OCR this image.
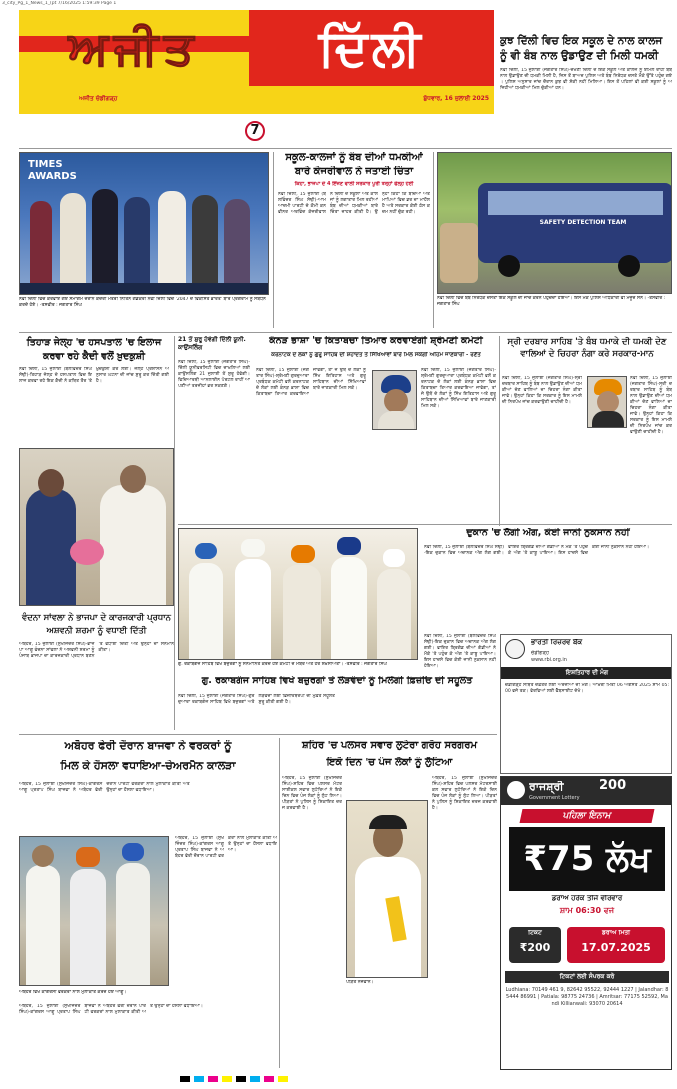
3_city_Pg_1_News_1_(pt 7/16/2025 1:59:39 Page 1
ਅਜੀਤ	ਦਿੱਲੀ
ਅਜੀਤ ਚੰਡੀਗੜ੍ਹ	ਬੁੱਧਵਾਰ, 16 ਜੁਲਾਈ 2025
7
ਕੁਝ ਦਿੱਲੀ ਵਿਚ ਇਕ ਸਕੂਲ ਦੇ ਨਾਲ ਕਾਲਜ ਨੂੰ ਵੀ ਬੰਬ ਨਾਲ ਉਡਾਉਣ ਦੀ ਮਿਲੀ ਧਮਕੀ
ਨਵੀਂ ਦਿੱਲੀ, 15 ਜੁਲਾਈ (ਜਗਤਾਰ ਸਿੰਘ)-ਦੱਖਣੀ ਦਿੱਲੀ ਦੇ ਇਕ ਸਕੂਲ ਅਤੇ ਕਾਲਜ ਨੂੰ ਈਮੇਲ ਰਾਹੀਂ ਬੰਬ ਨਾਲ ਉਡਾਉਣ ਦੀ ਧਮਕੀ ਮਿਲੀ ਹੈ, ਜਿਸ ਤੋਂ ਬਾਅਦ ਪੁਲਿਸ ਅਤੇ ਬੰਬ ਨਿਰੋਧਕ ਦਸਤੇ ਮੌਕੇ ਉੱਤੇ ਪਹੁੰਚ ਗਏ। ਪੁਲਿਸ ਅਨੁਸਾਰ ਜਾਂਚ ਦੌਰਾਨ ਕੁਝ ਵੀ ਸ਼ੱਕੀ ਨਹੀਂ ਮਿਲਿਆ। ਇਸ ਤੋਂ ਪਹਿਲਾਂ ਵੀ ਕਈ ਸਕੂਲਾਂ ਨੂੰ ਅਜਿਹੀਆਂ ਧਮਕੀਆਂ ਮਿਲ ਚੁੱਕੀਆਂ ਹਨ।
TIMES AWARDS
ਨਵੀਂ ਦਿੱਲੀ ਵਿਚ ਕਰਵਾਏ ਗਏ ਸਮਾਗਮ ਦੌਰਾਨ ਕੇਂਦਰੀ ਮੰਤਰੀ ਨਿਤਿਨ ਗਡਕਰੀ ਨਵੀਂ ਦਿੱਲੀ ਵਿਚ '2047 ਦੇ ਵਿਕਸਿਤ ਭਾਰਤ' ਬਾਰੇ ਪ੍ਰੋਗਰਾਮ ਨੂੰ ਸੰਬੋਧਨ ਕਰਦੇ ਹੋਏ। -ਤਸਵੀਰ : ਜਗਤਾਰ ਸਿੰਘ
ਸਕੂਲ-ਕਾਲਜਾਂ ਨੂੰ ਬੰਬ ਦੀਆਂ ਧਮਕੀਆਂ
ਬਾਰੇ ਕੇਜਰੀਵਾਲ ਨੇ ਜਤਾਈ ਚਿੰਤਾ
ਕਿਹਾ, ਭਾਜਪਾ ਦੇ 4 ਇੰਜਣ ਵਾਲੀ ਸਰਕਾਰ ਪੂਰੀ ਤਰ੍ਹਾਂ ਫੇਲ੍ਹ ਹੋਈ
ਨਵੀਂ ਦਿੱਲੀ, 15 ਜੁਲਾਈ (ਬਲਵਿੰਦਰ ਸਿੰਘ ਸੋਢੀ)-ਆਮ ਆਦਮੀ ਪਾਰਟੀ ਦੇ ਕੌਮੀ ਕਨਵੀਨਰ ਅਰਵਿੰਦ ਕੇਜਰੀਵਾਲ ਨੇ ਦਿੱਲੀ ਦੇ ਸਕੂਲਾਂ ਅਤੇ ਕਾਲਜਾਂ ਨੂੰ ਲਗਾਤਾਰ ਮਿਲ ਰਹੀਆਂ ਬੰਬ ਦੀਆਂ ਧਮਕੀਆਂ ਬਾਰੇ ਚਿੰਤਾ ਜ਼ਾਹਰ ਕੀਤੀ ਹੈ। ਉਨ੍ਹਾਂ ਕਿਹਾ ਕਿ ਬੱਚਿਆਂ ਅਤੇ ਮਾਪਿਆਂ ਵਿਚ ਡਰ ਦਾ ਮਾਹੌਲ ਹੈ ਅਤੇ ਸਰਕਾਰ ਕੋਈ ਠੋਸ ਕਦਮ ਨਹੀਂ ਚੁੱਕ ਰਹੀ।
SAFETY DETECTION TEAM
ਨਵੀਂ ਦਿੱਲੀ ਵਿਚ ਬੰਬ ਨਿਰੋਧਕ ਦਸਤਾ ਇਕ ਸਕੂਲ ਦੀ ਜਾਂਚ ਕਰਨ ਪਹੁੰਚਦਾ ਹੋਇਆ। ਇਸ ਮੌਕੇ ਪੁਲਿਸ ਅਧਿਕਾਰੀ ਵੀ ਮੌਜੂਦ ਸਨ। -ਤਸਵੀਰ : ਜਗਤਾਰ ਸਿੰਘ
ਤਿਹਾੜ ਜੇਲ੍ਹ 'ਚ ਹਸਪਤਾਲ 'ਚ ਇਲਾਜ ਕਰਵਾ ਰਹੇ ਕੈਦੀ ਵਲੋਂ ਖ਼ੁਦਕੁਸ਼ੀ
ਨਵੀਂ ਦਿੱਲੀ, 15 ਜੁਲਾਈ (ਬਲਵਿੰਦਰ ਸਿੰਘ ਸੋਢੀ)-ਤਿਹਾੜ ਜੇਲ੍ਹ ਦੇ ਹਸਪਤਾਲ ਵਿਚ ਇਲਾਜ ਕਰਵਾ ਰਹੇ ਇਕ ਕੈਦੀ ਨੇ ਕਥਿਤ ਤੌਰ 'ਤੇ ਖ਼ੁਦਕੁਸ਼ੀ ਕਰ ਲਈ। ਜੇਲ੍ਹ ਪ੍ਰਸ਼ਾਸਨ ਅਨੁਸਾਰ ਘਟਨਾ ਦੀ ਜਾਂਚ ਸ਼ੁਰੂ ਕਰ ਦਿੱਤੀ ਗਈ ਹੈ।
ਵੰਦਨਾ ਸਾਂਵਲਾ ਨੇ ਭਾਜਪਾ ਦੇ ਕਾਰਜਕਾਰੀ ਪ੍ਰਧਾਨ ਅਸ਼ਵਨੀ ਸ਼ਰਮਾ ਨੂੰ ਵਧਾਈ ਦਿੱਤੀ
ਅਬੋਹਰ, 15 ਜੁਲਾਈ (ਸੁਖਜਿੰਦਰ ਸਿੰਘ)-ਭਾਜਪਾ ਆਗੂ ਵੰਦਨਾ ਸਾਂਵਲਾ ਨੇ ਅਸ਼ਵਨੀ ਸ਼ਰਮਾ ਨੂੰ ਪੰਜਾਬ ਭਾਜਪਾ ਦਾ ਕਾਰਜਕਾਰੀ ਪ੍ਰਧਾਨ ਬਣਨ 'ਤੇ ਵਧਾਈ ਦਿੱਤੀ ਅਤੇ ਉਨ੍ਹਾਂ ਦਾ ਸਨਮਾਨ ਕੀਤਾ।
21 ਤੋਂ ਸ਼ੁਰੂ ਹੋਵੇਗੀ ਦਿੱਲੀ ਯੂਨੀ. ਕਾਉਂਸਲਿੰਗ
ਨਵੀਂ ਦਿੱਲੀ, 15 ਜੁਲਾਈ (ਜਗਤਾਰ ਸਿੰਘ)-ਦਿੱਲੀ ਯੂਨੀਵਰਸਿਟੀ ਵਿਚ ਦਾਖ਼ਲਿਆਂ ਲਈ ਕਾਉਂਸਲਿੰਗ 21 ਜੁਲਾਈ ਤੋਂ ਸ਼ੁਰੂ ਹੋਵੇਗੀ। ਵਿਦਿਆਰਥੀ ਆਨਲਾਈਨ ਪੋਰਟਲ ਰਾਹੀਂ ਆਪਣੀਆਂ ਤਰਜੀਹਾਂ ਭਰ ਸਕਣਗੇ।
ਕੰਨੜ ਭਾਸ਼ਾ 'ਚ ਕਿਤਾਬਚਾ ਤਿਆਰ ਕਰਵਾਏਗੀ ਸ਼੍ਰੋਮਣੀ ਕਮੇਟੀ
ਕਰਨਾਟਕ ਦੇ ਲੋਕਾਂ ਨੂੰ ਗੁਰੂ ਸਾਹਿਬ ਦੀ ਸ਼ਹਾਦਤ ਤੇ ਸਿੱਖਿਆਵਾਂ ਬਾਰੇ ਮਿਲ ਸਕੇਗੀ ਅਹਿਮ ਜਾਣਕਾਰੀ - ਰਣੌਤ
ਨਵੀਂ ਦਿੱਲੀ, 15 ਜੁਲਾਈ (ਜਗਤਾਰ ਸਿੰਘ)-ਸ਼੍ਰੋਮਣੀ ਗੁਰਦੁਆਰਾ ਪ੍ਰਬੰਧਕ ਕਮੇਟੀ ਵਲੋਂ ਕਰਨਾਟਕ ਦੇ ਲੋਕਾਂ ਲਈ ਕੰਨੜ ਭਾਸ਼ਾ ਵਿਚ ਕਿਤਾਬਚਾ ਤਿਆਰ ਕਰਵਾਇਆ ਜਾਵੇਗਾ, ਤਾਂ ਜੋ ਉਥੋਂ ਦੇ ਲੋਕਾਂ ਨੂੰ ਸਿੱਖ ਇਤਿਹਾਸ ਅਤੇ ਗੁਰੂ ਸਾਹਿਬਾਨ ਦੀਆਂ ਸਿੱਖਿਆਵਾਂ ਬਾਰੇ ਜਾਣਕਾਰੀ ਮਿਲ ਸਕੇ।
ਨਵੀਂ ਦਿੱਲੀ, 15 ਜੁਲਾਈ (ਜਗਤਾਰ ਸਿੰਘ)-ਸ਼੍ਰੋਮਣੀ ਗੁਰਦੁਆਰਾ ਪ੍ਰਬੰਧਕ ਕਮੇਟੀ ਵਲੋਂ ਕਰਨਾਟਕ ਦੇ ਲੋਕਾਂ ਲਈ ਕੰਨੜ ਭਾਸ਼ਾ ਵਿਚ ਕਿਤਾਬਚਾ ਤਿਆਰ ਕਰਵਾਇਆ ਜਾਵੇਗਾ, ਤਾਂ ਜੋ ਉਥੋਂ ਦੇ ਲੋਕਾਂ ਨੂੰ ਸਿੱਖ ਇਤਿਹਾਸ ਅਤੇ ਗੁਰੂ ਸਾਹਿਬਾਨ ਦੀਆਂ ਸਿੱਖਿਆਵਾਂ ਬਾਰੇ ਜਾਣਕਾਰੀ ਮਿਲ ਸਕੇ।
ਸ੍ਰੀ ਦਰਬਾਰ ਸਾਹਿਬ 'ਤੇ ਬੰਬ ਧਮਾਕੇ ਦੀ ਧਮਕੀ ਦੇਣ ਵਾਲਿਆਂ ਦੇ ਚਿਹਰਾ ਨੰਗਾ ਕਰੇ ਸਰਕਾਰ-ਮਾਨ
ਨਵੀਂ ਦਿੱਲੀ, 15 ਜੁਲਾਈ (ਜਗਤਾਰ ਸਿੰਘ)-ਸ੍ਰੀ ਦਰਬਾਰ ਸਾਹਿਬ ਨੂੰ ਬੰਬ ਨਾਲ ਉਡਾਉਣ ਦੀਆਂ ਧਮਕੀਆਂ ਦੇਣ ਵਾਲਿਆਂ ਦਾ ਚਿਹਰਾ ਨੰਗਾ ਕੀਤਾ ਜਾਵੇ। ਉਨ੍ਹਾਂ ਕਿਹਾ ਕਿ ਸਰਕਾਰ ਨੂੰ ਇਸ ਮਾਮਲੇ ਦੀ ਨਿਰਪੱਖ ਜਾਂਚ ਕਰਵਾਉਣੀ ਚਾਹੀਦੀ ਹੈ।
ਨਵੀਂ ਦਿੱਲੀ, 15 ਜੁਲਾਈ (ਜਗਤਾਰ ਸਿੰਘ)-ਸ੍ਰੀ ਦਰਬਾਰ ਸਾਹਿਬ ਨੂੰ ਬੰਬ ਨਾਲ ਉਡਾਉਣ ਦੀਆਂ ਧਮਕੀਆਂ ਦੇਣ ਵਾਲਿਆਂ ਦਾ ਚਿਹਰਾ ਨੰਗਾ ਕੀਤਾ ਜਾਵੇ। ਉਨ੍ਹਾਂ ਕਿਹਾ ਕਿ ਸਰਕਾਰ ਨੂੰ ਇਸ ਮਾਮਲੇ ਦੀ ਨਿਰਪੱਖ ਜਾਂਚ ਕਰਵਾਉਣੀ ਚਾਹੀਦੀ ਹੈ।
ਗੁ. ਰਕਾਬਗੰਜ ਸਾਹਿਬ ਵਿਖੇ ਬਜ਼ੁਰਗਾਂ ਨੂੰ ਸਨਮਾਨਿਤ ਕਰਦੇ ਹੋਏ ਕਮੇਟੀ ਦੇ ਮੈਂਬਰ ਅਤੇ ਹੋਰ ਸ਼ਖ਼ਸੀਅਤਾਂ। -ਤਸਵੀਰ : ਜਗਤਾਰ ਸਿੰਘ
ਗੁ. ਰਕਾਬਗੰਜ ਸਾਹਿਬ ਵਿਖੇ ਬਜ਼ੁਰਗਾਂ ਤੇ ਲੋੜਵੰਦਾਂ ਨੂੰ ਮਿਲੇਗੀ ਫ਼ਿਜ਼ੀਓ ਦੀ ਸਹੂਲਤ
ਨਵੀਂ ਦਿੱਲੀ, 15 ਜੁਲਾਈ (ਜਗਤਾਰ ਸਿੰਘ)-ਗੁਰਦੁਆਰਾ ਰਕਾਬਗੰਜ ਸਾਹਿਬ ਵਿਖੇ ਬਜ਼ੁਰਗਾਂ ਅਤੇ ਲੋੜਵੰਦਾਂ ਲਈ ਫ਼ਿਜ਼ੀਓਥੈਰੇਪੀ ਦੀ ਮੁਫ਼ਤ ਸਹੂਲਤ ਸ਼ੁਰੂ ਕੀਤੀ ਗਈ ਹੈ।
ਦੁਕਾਨ 'ਚ ਲੱਗੀ ਅੱਗ, ਕੋਈ ਜਾਨੀ ਨੁਕਸਾਨ ਨਹੀਂ
ਨਵੀਂ ਦਿੱਲੀ, 15 ਜੁਲਾਈ (ਬਲਵਿੰਦਰ ਸਿੰਘ ਸੋਢੀ)-ਇਕ ਦੁਕਾਨ ਵਿਚ ਅਚਾਨਕ ਅੱਗ ਲੱਗ ਗਈ। ਫਾਇਰ ਬ੍ਰਿਗੇਡ ਦੀਆਂ ਗੱਡੀਆਂ ਨੇ ਮੌਕੇ 'ਤੇ ਪਹੁੰਚ ਕੇ ਅੱਗ 'ਤੇ ਕਾਬੂ ਪਾਇਆ। ਇਸ ਹਾਦਸੇ ਵਿਚ ਕੋਈ ਜਾਨੀ ਨੁਕਸਾਨ ਨਹੀਂ ਹੋਇਆ।
ਭਾਰਤੀ ਰਿਜ਼ਰਵ ਬੈਂਕ
ਚੰਡੀਗੜ੍ਹ
www.rbi.org.in
ਇਸ਼ਤਿਹਾਰ ਦੀ ਮੰਗ
ਚੰਡੀਗੜ੍ਹ ਸਥਿਤ ਦਫ਼ਤਰ ਲਈ ਅਰਜ਼ੀਆਂ ਦੀ ਮੰਗ। ਆਖ਼ਰੀ ਮਿਤੀ 06 ਅਗਸਤ 2025 ਸ਼ਾਮ 05:00 ਵਜੇ ਤਕ। ਵੇਰਵਿਆਂ ਲਈ ਵੈੱਬਸਾਈਟ ਦੇਖੋ।
ਨਵੀਂ ਦਿੱਲੀ, 15 ਜੁਲਾਈ (ਬਲਵਿੰਦਰ ਸਿੰਘ ਸੋਢੀ)-ਇਕ ਦੁਕਾਨ ਵਿਚ ਅਚਾਨਕ ਅੱਗ ਲੱਗ ਗਈ। ਫਾਇਰ ਬ੍ਰਿਗੇਡ ਦੀਆਂ ਗੱਡੀਆਂ ਨੇ ਮੌਕੇ 'ਤੇ ਪਹੁੰਚ ਕੇ ਅੱਗ 'ਤੇ ਕਾਬੂ ਪਾਇਆ। ਇਸ ਹਾਦਸੇ ਵਿਚ ਕੋਈ ਜਾਨੀ ਨੁਕਸਾਨ ਨਹੀਂ ਹੋਇਆ।
ਅਬੋਹਰ ਫੇਰੀ ਦੌਰਾਨ ਬਾਜਵਾ ਨੇ ਵਰਕਰਾਂ ਨੂੰ
ਮਿਲ ਕੇ ਹੌਸਲਾ ਵਧਾਇਆ-ਚੇਅਰਮੈਨ ਕਾਲੜਾ
ਅਬੋਹਰ, 15 ਜੁਲਾਈ (ਸੁਖਜਿੰਦਰ ਸਿੰਘ)-ਕਾਂਗਰਸ ਆਗੂ ਪ੍ਰਤਾਪ ਸਿੰਘ ਬਾਜਵਾ ਨੇ ਅਬੋਹਰ ਫੇਰੀ ਦੌਰਾਨ ਪਾਰਟੀ ਵਰਕਰਾਂ ਨਾਲ ਮੁਲਾਕਾਤ ਕੀਤੀ ਅਤੇ ਉਨ੍ਹਾਂ ਦਾ ਹੌਸਲਾ ਵਧਾਇਆ।
ਅਬੋਹਰ, 15 ਜੁਲਾਈ (ਸੁਖਜਿੰਦਰ ਸਿੰਘ)-ਕਾਂਗਰਸ ਆਗੂ ਪ੍ਰਤਾਪ ਸਿੰਘ ਬਾਜਵਾ ਨੇ ਅਬੋਹਰ ਫੇਰੀ ਦੌਰਾਨ ਪਾਰਟੀ ਵਰਕਰਾਂ ਨਾਲ ਮੁਲਾਕਾਤ ਕੀਤੀ ਅਤੇ ਉਨ੍ਹਾਂ ਦਾ ਹੌਸਲਾ ਵਧਾਇਆ।
ਅਬੋਹਰ ਵਿਖੇ ਕਾਂਗਰਸੀ ਵਰਕਰਾਂ ਨਾਲ ਮੁਲਾਕਾਤ ਕਰਦੇ ਹੋਏ ਆਗੂ।
ਅਬੋਹਰ, 15 ਜੁਲਾਈ (ਸੁਖਜਿੰਦਰ ਸਿੰਘ)-ਕਾਂਗਰਸ ਆਗੂ ਪ੍ਰਤਾਪ ਸਿੰਘ ਬਾਜਵਾ ਨੇ ਅਬੋਹਰ ਫੇਰੀ ਦੌਰਾਨ ਪਾਰਟੀ ਵਰਕਰਾਂ ਨਾਲ ਮੁਲਾਕਾਤ ਕੀਤੀ ਅਤੇ ਉਨ੍ਹਾਂ ਦਾ ਹੌਸਲਾ ਵਧਾਇਆ।
ਸ਼ਹਿਰ 'ਚ ਪਲਸਰ ਸਵਾਰ ਲੁਟੇਰਾ ਗਰੋਹ ਸਰਗਰਮ
ਇਕੋ ਦਿਨ 'ਚ ਪੰਜ ਲੋਕਾਂ ਨੂੰ ਲੁੱਟਿਆ
ਅਬੋਹਰ, 15 ਜੁਲਾਈ (ਸੁਖਜਿੰਦਰ ਸਿੰਘ)-ਸ਼ਹਿਰ ਵਿਚ ਪਲਸਰ ਮੋਟਰਸਾਈਕਲ ਸਵਾਰ ਲੁਟੇਰਿਆਂ ਨੇ ਇਕੋ ਦਿਨ ਵਿਚ ਪੰਜ ਲੋਕਾਂ ਨੂੰ ਲੁੱਟ ਲਿਆ। ਪੀੜਤਾਂ ਨੇ ਪੁਲਿਸ ਨੂੰ ਸ਼ਿਕਾਇਤ ਦਰਜ ਕਰਵਾਈ ਹੈ।
ਪੀੜਤ ਨੌਜਵਾਨ।
ਅਬੋਹਰ, 15 ਜੁਲਾਈ (ਸੁਖਜਿੰਦਰ ਸਿੰਘ)-ਸ਼ਹਿਰ ਵਿਚ ਪਲਸਰ ਮੋਟਰਸਾਈਕਲ ਸਵਾਰ ਲੁਟੇਰਿਆਂ ਨੇ ਇਕੋ ਦਿਨ ਵਿਚ ਪੰਜ ਲੋਕਾਂ ਨੂੰ ਲੁੱਟ ਲਿਆ। ਪੀੜਤਾਂ ਨੇ ਪੁਲਿਸ ਨੂੰ ਸ਼ਿਕਾਇਤ ਦਰਜ ਕਰਵਾਈ ਹੈ।
ਰਾਜਸ਼੍ਰੀ	200
Government Lottery
ਪਹਿਲਾ ਇਨਾਮ
₹75 ਲੱਖ
ਡਰਾਅ ਹਰੇਕ ਤੀਜੇ ਵੀਰਵਾਰ
ਸ਼ਾਮ 06:30 ਵਜੇ
ਟਿਕਟ
₹200
ਡਰਾਅ ਮਿਤੀ
17.07.2025
ਟਿਕਟਾਂ ਲਈ ਸੰਪਰਕ ਕਰੋ
Ludhiana: 70149 461 9, 82642 95522, 92444 1227 | Jalandhar: 85444 86991 | Patiala: 98775 24736 | Amritsar: 77175 52592, Mandi Killianwali: 93070 20614
